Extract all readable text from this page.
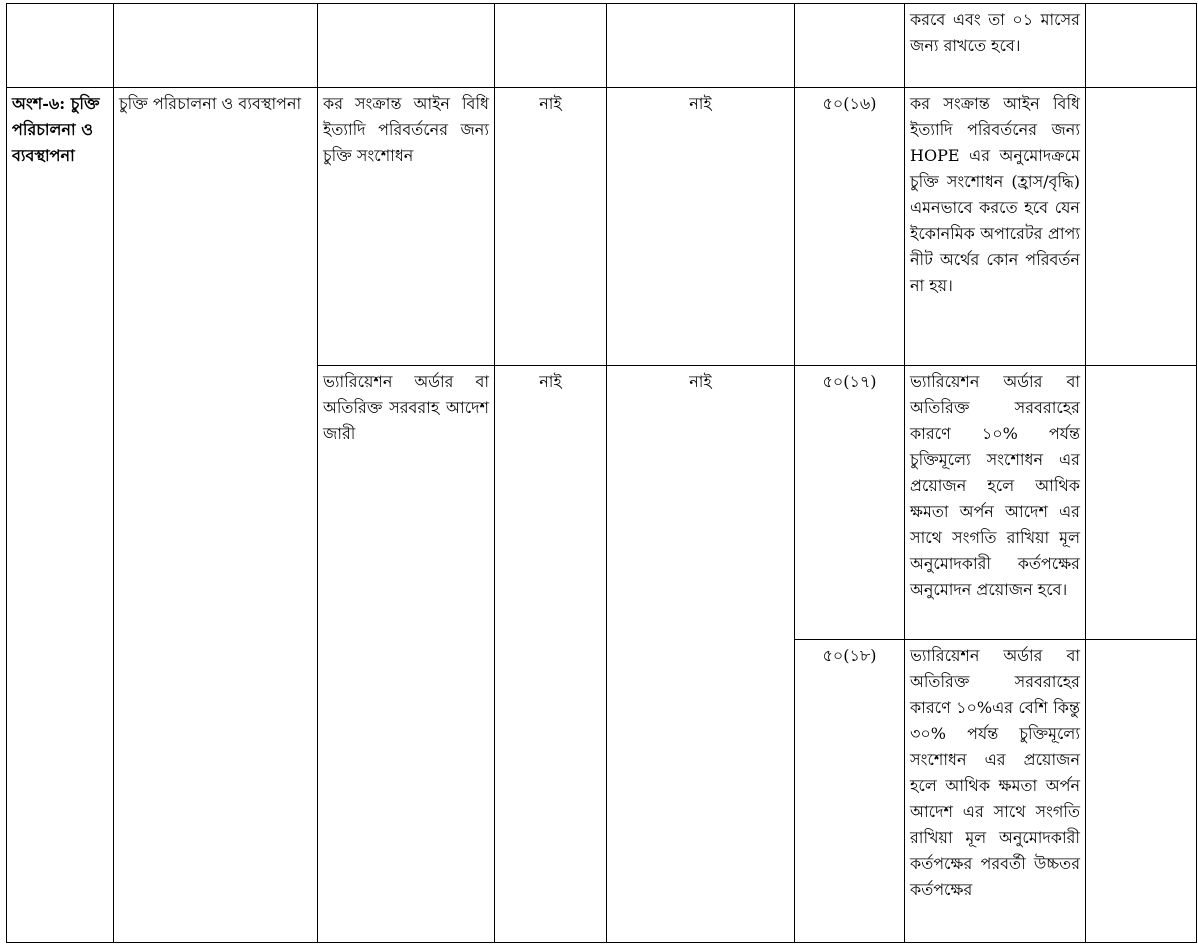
						করবে এবং তা ০১ মাসের জন্য রাখতে হবে।	
অংশ-৬: চুক্তি পরিচালনা ও ব্যবস্থাপনা	চুক্তি পরিচালনা ও ব্যবস্থাপনা	কর সংক্রান্ত আইন বিধি ইত্যাদি পরিবর্তনের জন্য চুক্তি সংশোধন	নাই	নাই	৫০(১৬)	কর সংক্রান্ত আইন বিধি ইত্যাদি পরিবর্তনের জন্য HOPE এর অনুমোদক্রমে চুক্তি সংশোধন (হ্রাস/বৃদ্ধি) এমনভাবে করতে হবে যেন ইকোনমিক অপারেটর প্রাপ্য নীট অর্থের কোন পরিবর্তন না হয়।	
		ভ্যারিয়েশন অর্ডার বা অতিরিক্ত সরবরাহ আদেশ জারী	নাই	নাই	৫০(১৭)	ভ্যারিয়েশন অর্ডার বা অতিরিক্ত সরবরাহের কারণে ১০% পর্যন্ত চুক্তিমূল্যে সংশোধন এর প্রয়োজন হলে আথিক ক্ষমতা অর্পন আদেশ এর সাথে সংগতি রাখিয়া মূল অনুমোদকারী কর্তপক্ষের অনুমোদন প্রয়োজন হবে।	
					৫০(১৮)	ভ্যারিয়েশন অর্ডার বা অতিরিক্ত সরবরাহের কারণে ১০%এর বেশি কিন্তু ৩০% পর্যন্ত চুক্তিমূল্যে সংশোধন এর প্রয়োজন হলে আথিক ক্ষমতা অর্পন আদেশ এর সাথে সংগতি রাখিয়া মূল অনুমোদকারী কর্তপক্ষের পরবর্তী উচ্চতর কর্তপক্ষের	
